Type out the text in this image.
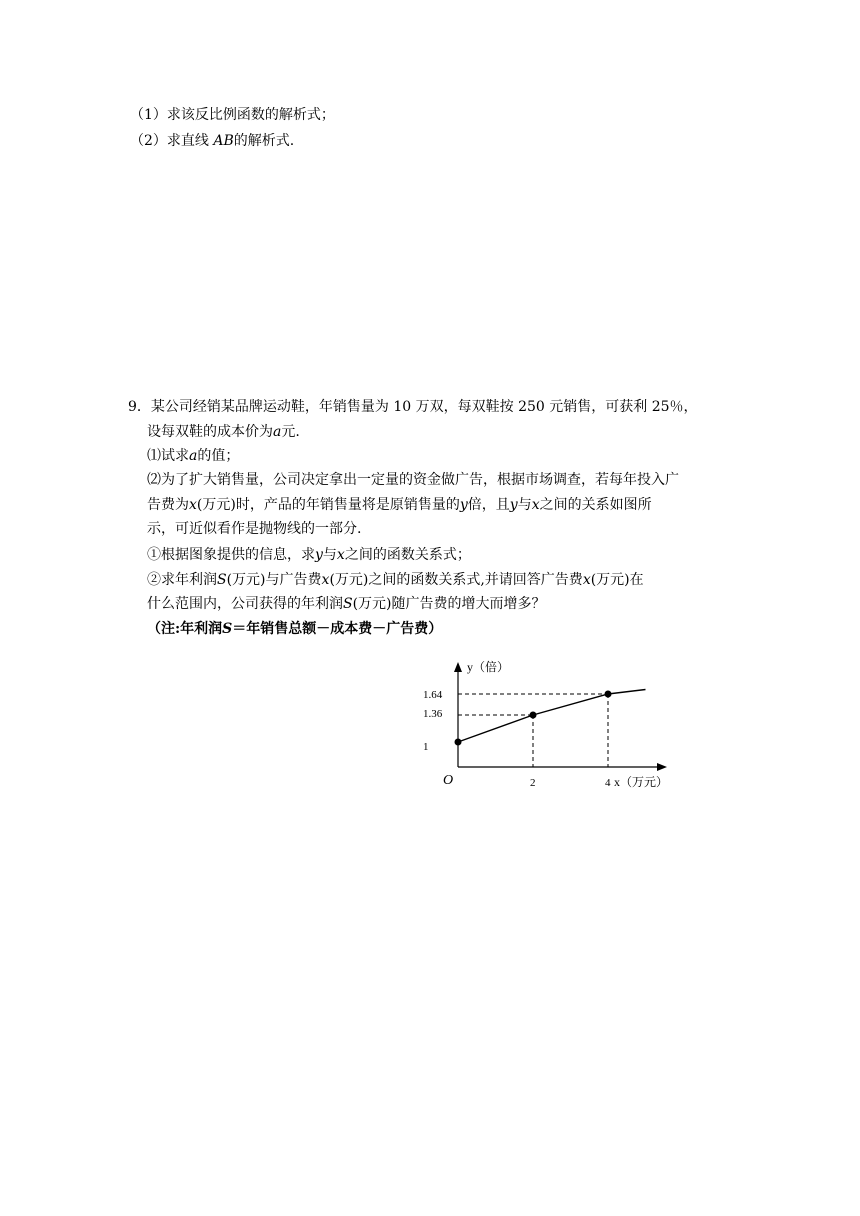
（1）求该反比例函数的解析式；
（2）求直线 AB的解析式.
9．某公司经销某品牌运动鞋，年销售量为 10 万双，每双鞋按 250 元销售，可获利 25％，
设每双鞋的成本价为a元.
⑴试求a的值；
⑵为了扩大销售量，公司决定拿出一定量的资金做广告，根据市场调查，若每年投入广
告费为x(万元)时，产品的年销售量将是原销售量的y倍，且y与x之间的关系如图所
示，可近似看作是抛物线的一部分.
①根据图象提供的信息，求y与x之间的函数关系式；
②求年利润S(万元)与广告费x(万元)之间的函数关系式,并请回答广告费x(万元)在
什么范围内，公司获得的年利润S(万元)随广告费的增大而增多？
（注:年利润S＝年销售总额－成本费－广告费）
y（倍）
x（万元）
O
1.64
1.36
1
2	4
